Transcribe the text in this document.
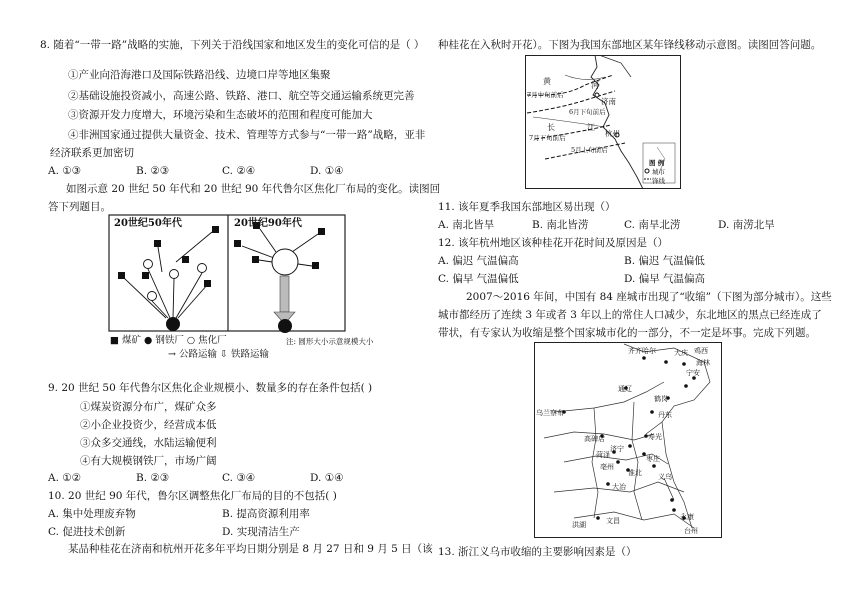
8. 随着“一带一路”战略的实施，下列关于沿线国家和地区发生的变化可信的是（ ）
①产业向沿海港口及国际铁路沿线、边境口岸等地区集聚
②基础设施投资减小，高速公路、铁路、港口、航空等交通运输系统更完善
③资源开发力度增大，环境污染和生态破坏的范围和程度可能加大
④非洲国家通过提供大量资金、技术、管理等方式参与“一带一路”战略，亚非
经济联系更加密切
A. ①③	B. ②③	C. ②④	D. ①④
如图示意 20 世纪 50 年代和 20 世纪 90 年代鲁尔区焦化厂布局的变化。读图回
答下列题目。
20世纪50年代	20世纪90年代
■ 煤矿 ● 钢铁厂 ○ 焦化厂	注: 圆形大小示意规模大小
→ 公路运输 ⇩ 铁路运输
9. 20 世纪 50 年代鲁尔区焦化企业规模小、数量多的存在条件包括( )
①煤炭资源分布广，煤矿众多
②小企业投资少，经营成本低
③众多交通线，水陆运输便利
④有大规模钢铁厂，市场广阔
A. ①②	B. ②③	C. ③④	D. ①④
10. 20 世纪 90 年代，鲁尔区调整焦化厂布局的目的不包括( )
A. 集中处理废弃物	B. 提高资源利用率
C. 促进技术创新	D. 实现清洁生产
某品种桂花在济南和杭州开花多年平均日期分别是 8 月 27 日和 9 月 5 日（该
种桂花在入秋时开花）。下图为我国东部地区某年锋线移动示意图。读图回答问题。
黄	河
7月中旬前后
济南
6月下旬前后
长	江
杭州
5月上旬前后
7月下旬前后
图 例
城市
锋线
11. 该年夏季我国东部地区易出现（）
A. 南北皆旱	B. 南北皆涝	C. 南旱北涝	D. 南涝北旱
12. 该年杭州地区该种桂花开花时间及原因是（）
A. 偏迟 气温偏高	B. 偏迟 气温偏低
C. 偏早 气温偏低	D. 偏早 气温偏高
2007～2016 年间，中国有 84 座城市出现了“收缩”（下图为部分城市）。这些
城市都经历了连续 3 年或者 3 年以上的常住人口减少，东北地区的黑点已经连成了
带状，有专家认为收缩是整个国家城市化的一部分，不一定是坏事。完成下列题。
齐齐哈尔	大庆 鸡西
海林
通辽
宁安
乌兰察布
鹤岗
丹东
高碑店
济宁
枣庄
寿光
淮北
菏泽
亳州
大冶
洪湖	文昌
义乌
台州
永康
13. 浙江义乌市收缩的主要影响因素是（）
